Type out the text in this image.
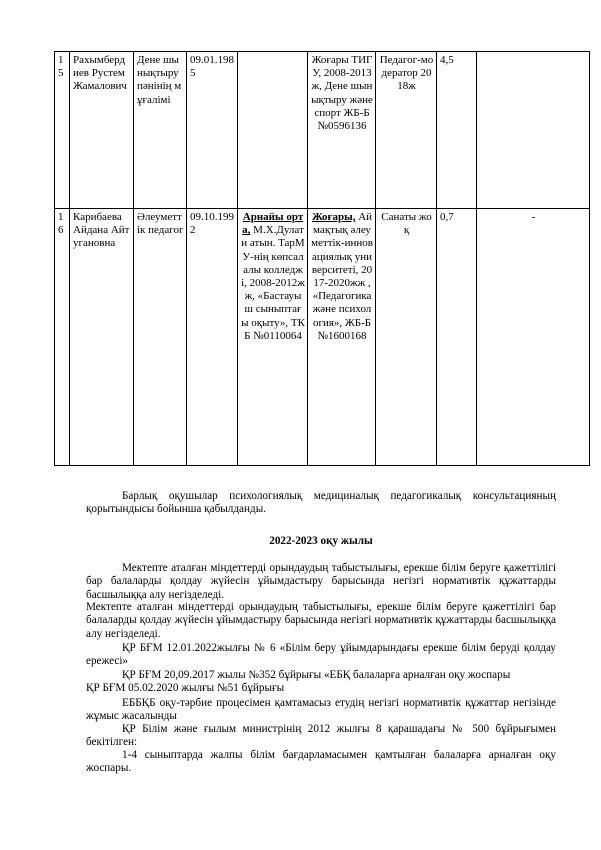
15	Рахымбердиев Рустем Жамалович	Дене шынықтыру пәнінің мұғалімі	09.01.1985		Жоғары ТИГУ, 2008-2013ж, Дене шынықтыру және спорт ЖБ-Б №0596136	Педагог-модератор 2018ж	4,5	
16	Карибаева Айдана Айтугановна	Әлеуметтік педагог	09.10.1992	Арнайы орта, М.Х.Дулати атын. ТарМУ-нің көпсалалы колледжі, 2008-2012жж, «Бастауыш сыныптағы оқыту», ТКБ №0110064	Жоғары, Аймақтық әлеуметтік-инновациялық университеті, 2017-2020жж , «Педагогика және психология», ЖБ-Б №1600168	Санаты жоқ	0,7	-

Барлық оқушылар психологиялық медициналық педагогикалық консультацияның қорытындысы бойынша қабылданды.

2022-2023 оқу жылы

Мектепте аталған міндеттерді орындаудың табыстылығы, ерекше білім беруге қажеттілігі бар балаларды қолдау жүйесін ұйымдастыру барысында негізгі нормативтік құжаттарды басшылыққа алу негізделеді.

Мектепте аталған міндеттерді орындаудың табыстылығы, ерекше білім беруге қажеттілігі бар балаларды қолдау жүйесін ұйымдастыру барысында негізгі нормативтік құжаттарды басшылыққа алу негізделеді.

ҚР БҒМ 12.01.2022жылғы № 6 «Білім беру ұйымдарындағы ерекше білім беруді қолдау ережесі»

ҚР БҒМ 20,09.2017 жылы №352 бұйрығы «ЕБҚ балаларға арналған оқу жоспары

ҚР БҒМ 05.02.2020 жылғы №51 бұйрығы

ЕББҚБ оқу-тәрбие процесімен қамтамасыз етудің негізгі нормативтік құжаттар негізінде жұмыс жасалынды

ҚР Білім және ғылым министрінің 2012 жылғы 8 қарашадағы № 500 бұйрығымен бекітілген:

1-4 сыныптарда жалпы білім бағдарламасымен қамтылған балаларға арналған оқу жоспары.
